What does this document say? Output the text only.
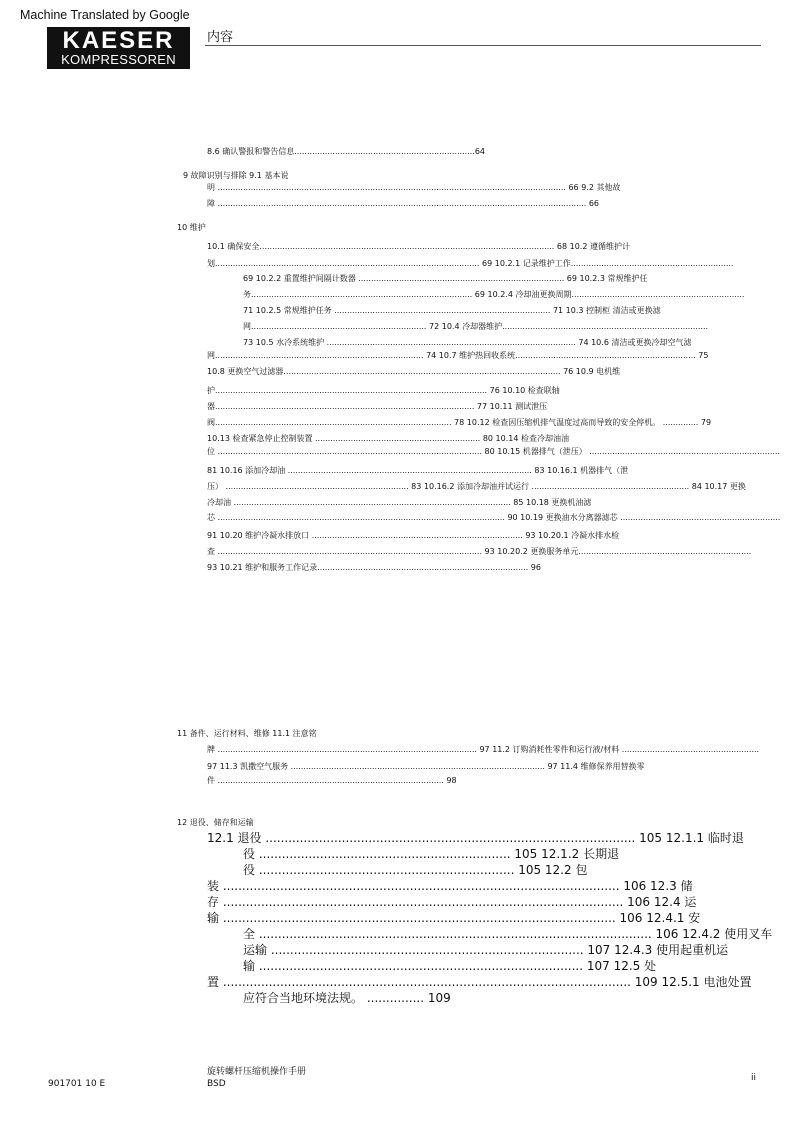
Machine Translated by Google
KAESER
KOMPRESSOREN
内容
8.6 确认警报和警告信息.......................................................................64
9 故障识别与排除 9.1 基本说
明 ......................................................................................................................................... 66 9.2 其他故
障 ................................................................................................................................................. 66
10 维护
10.1 确保安全.................................................................................................................... 68 10.2 遵循维护计
划........................................................................................................ 69 10.2.1 记录维护工作................................................................
69 10.2.2 重置维护间隔计数器 ................................................................................. 69 10.2.3 常规维护任
务....................................................................................... 69 10.2.4 冷却油更换周期....................................................................
71 10.2.5 常规维护任务 ..................................................................................... 71 10.3 控制柜 清洁或更换滤
网..................................................................... 72 10.4 冷却器维护.................................................................................
73 10.5 水冷系统维护 .................................................................................................. 74 10.6 清洁或更换冷却空气滤
网.................................................................................. 74 10.7 维护热回收系统....................................................................... 75
10.8 更换空气过滤器............................................................................................................. 76 10.9 电机维
护........................................................................................................... 76 10.10 检查联轴
器...................................................................................................... 77 10.11 测试泄压
阀............................................................................................. 78 10.12 检查因压缩机排气温度过高而导致的安全停机。 .............. 79
10.13 检查紧急停止控制装置 ................................................................. 80 10.14 检查冷却油油
位 ........................................................................................................ 80 10.15 机器排气（泄压） ...........................................................................
81 10.16 添加冷却油 ................................................................................................ 83 10.16.1 机器排气（泄
压） ........................................................................ 83 10.16.2 添加冷却油并试运行 .............................................................. 84 10.17 更换
冷却油 ............................................................................................................. 85 10.18 更换机油滤
芯 ................................................................................................................. 90 10.19 更换油水分离器滤芯 ...............................................................
91 10.20 维护冷凝水排放口 ................................................................................... 93 10.20.1 冷凝水排水检
查 ........................................................................................................ 93 10.20.2 更换服务单元....................................................................
93 10.21 维护和服务工作记录................................................................................... 96
11 备件、运行材料、维修 11.1 注意铭
牌 ...................................................................................................... 97 11.2 订购消耗性零件和运行液/材料 ......................................................
97 11.3 凯撒空气服务 .................................................................................................... 97 11.4 维修保养用替换零
件 ......................................................................................... 98
12 退役、储存和运输
12.1 退役 ................................................................................................. 105 12.1.1 临时退
役 .................................................................. 105 12.1.2 长期退
役 ................................................................... 105 12.2 包
装 ........................................................................................................ 106 12.3 储
存 ......................................................................................................... 106 12.4 运
输 ....................................................................................................... 106 12.4.1 安
全 ....................................................................................................... 106 12.4.2 使用叉车
运输 .................................................................................. 107 12.4.3 使用起重机运
输 ..................................................................................... 107 12.5 处
置 ........................................................................................................... 109 12.5.1 电池处置
应符合当地环境法规。 ............... 109
901701 10 E
旋转螺杆压缩机操作手册
BSD
ii
